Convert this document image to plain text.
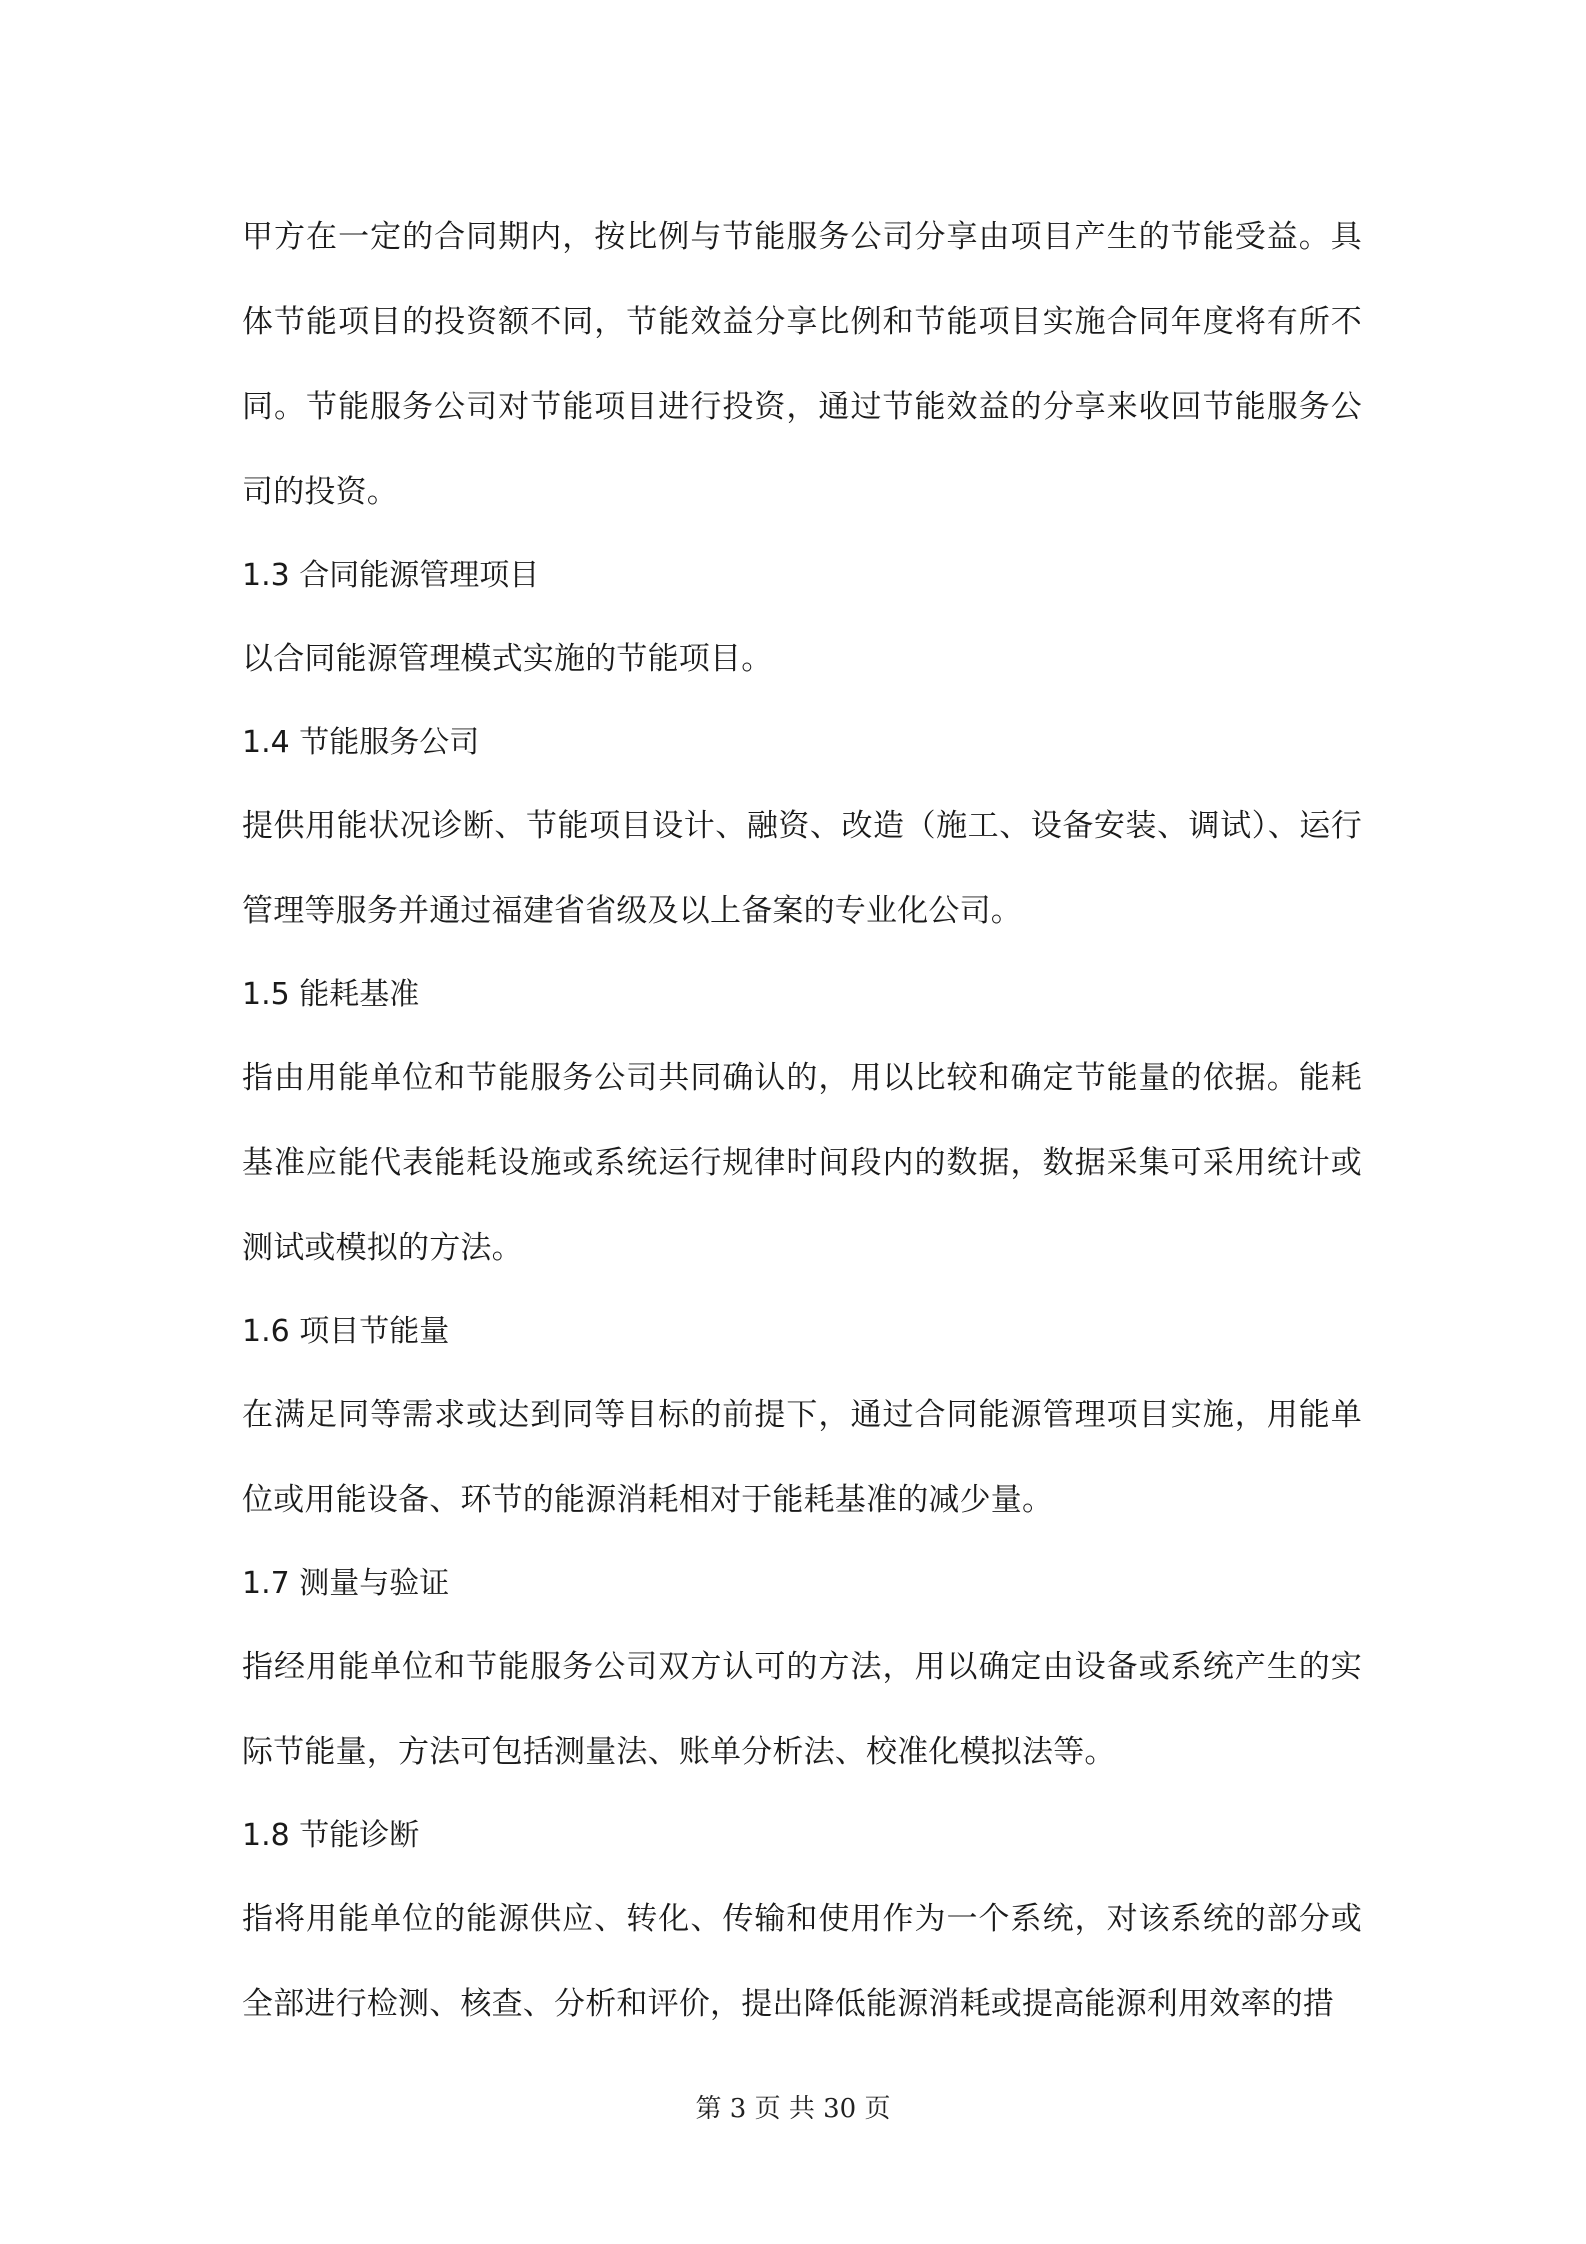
甲方在一定的合同期内，按比例与节能服务公司分享由项目产生的节能受益。具体节能项目的投资额不同，节能效益分享比例和节能项目实施合同年度将有所不同。节能服务公司对节能项目进行投资，通过节能效益的分享来收回节能服务公司的投资。

1.3 合同能源管理项目

以合同能源管理模式实施的节能项目。

1.4 节能服务公司

提供用能状况诊断、节能项目设计、融资、改造（施工、设备安装、调试）、运行管理等服务并通过福建省省级及以上备案的专业化公司。

1.5 能耗基准

指由用能单位和节能服务公司共同确认的，用以比较和确定节能量的依据。能耗基准应能代表能耗设施或系统运行规律时间段内的数据，数据采集可采用统计或测试或模拟的方法。

1.6 项目节能量

在满足同等需求或达到同等目标的前提下，通过合同能源管理项目实施，用能单位或用能设备、环节的能源消耗相对于能耗基准的减少量。

1.7 测量与验证

指经用能单位和节能服务公司双方认可的方法，用以确定由设备或系统产生的实际节能量，方法可包括测量法、账单分析法、校准化模拟法等。

1.8 节能诊断

指将用能单位的能源供应、转化、传输和使用作为一个系统，对该系统的部分或全部进行检测、核查、分析和评价，提出降低能源消耗或提高能源利用效率的措

第 3 页 共 30 页
